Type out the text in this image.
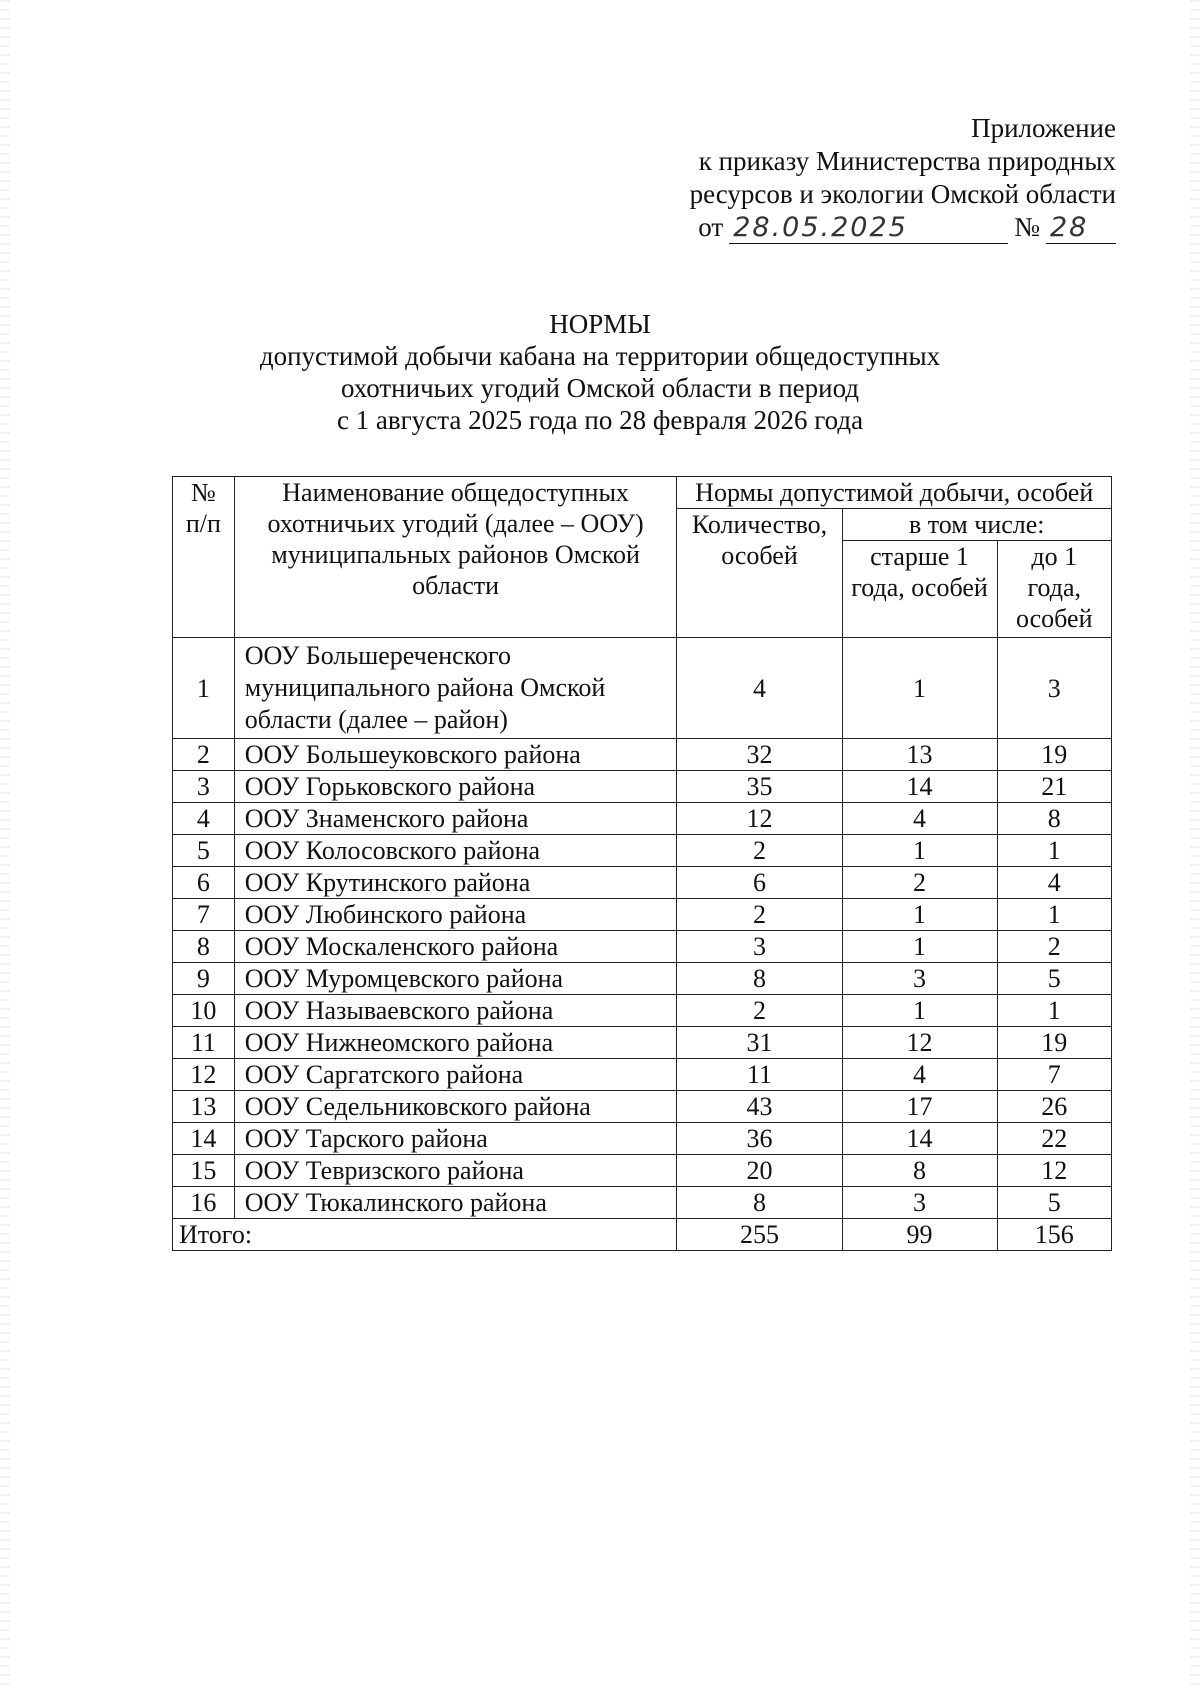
Приложение
к приказу Министерства природных
ресурсов и экологии Омской области
от 28.05.2025	№ 28
НОРМЫ
допустимой добычи кабана на территории общедоступных
охотничьих угодий Омской области в период
с 1 августа 2025 года по 28 февраля 2026 года
№ п/п	Наименование общедоступных охотничьих угодий (далее – ООУ) муниципальных районов Омской области	Нормы допустимой добычи, особей		
		Количество, особей	в том числе:	
			старше 1 года, особей	до 1 года, особей
1	ООУ Большереченского муниципального района Омской области (далее – район)	4	1	3
2	ООУ Большеуковского района	32	13	19
3	ООУ Горьковского района	35	14	21
4	ООУ Знаменского района	12	4	8
5	ООУ Колосовского района	2	1	1
6	ООУ Крутинского района	6	2	4
7	ООУ Любинского района	2	1	1
8	ООУ Москаленского района	3	1	2
9	ООУ Муромцевского района	8	3	5
10	ООУ Называевского района	2	1	1
11	ООУ Нижнеомского района	31	12	19
12	ООУ Саргатского района	11	4	7
13	ООУ Седельниковского района	43	17	26
14	ООУ Тарского района	36	14	22
15	ООУ Тевризского района	20	8	12
16	ООУ Тюкалинского района	8	3	5
Итого:		255	99	156
